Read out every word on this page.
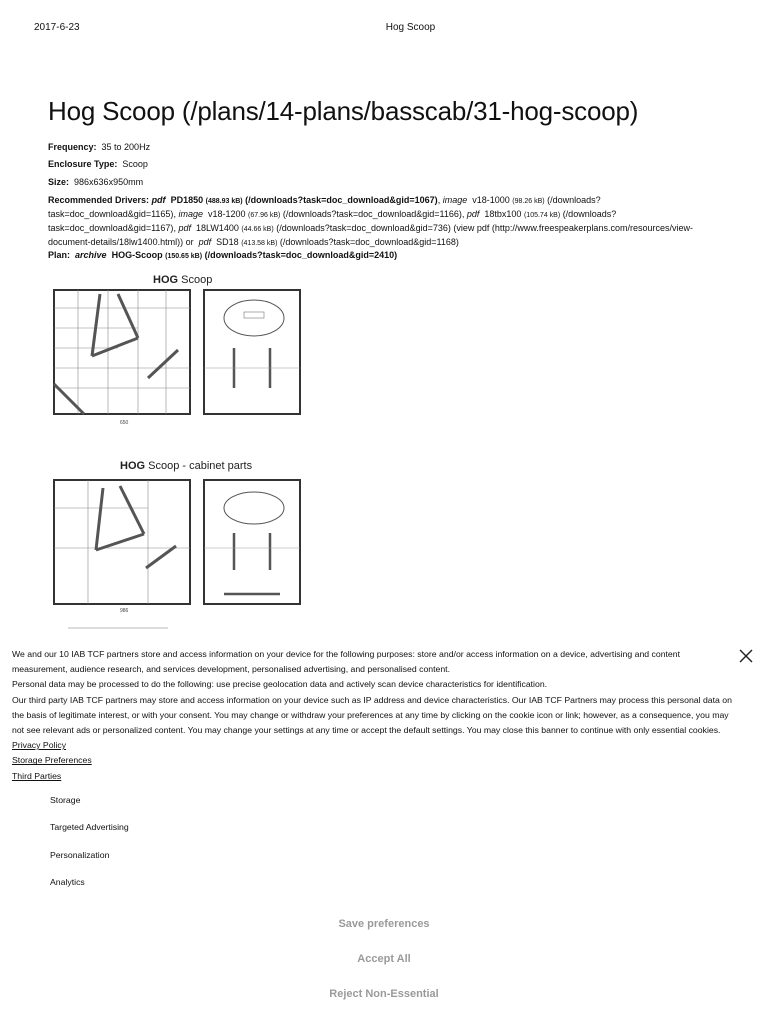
2017-6-23	Hog Scoop
Hog Scoop (/plans/14-plans/basscab/31-hog-scoop)
Frequency: 35 to 200Hz
Enclosure Type: Scoop
Size: 986x636x950mm
Recommended Drivers: pdf PD1850 (488.93 kB) (/downloads?task=doc_download&gid=1067), image v18-1000 (98.26 kB) (/downloads?task=doc_download&gid=1165), image v18-1200 (67.96 kB) (/downloads?task=doc_download&gid=1166), pdf 18tbx100 (105.74 kB) (/downloads?task=doc_download&gid=1167), pdf 18LW1400 (44.66 kB) (/downloads?task=doc_download&gid=736) (view pdf (http://www.freespeakerplans.com/resources/view-document-details/18lw1400.html)) or pdf SD18 (413.58 kB) (/downloads?task=doc_download&gid=1168)
Plan: archive HOG-Scoop (150.65 kB) (/downloads?task=doc_download&gid=2410)
HOG Scoop
650
HOG Scoop - cabinet parts
986
We and our 10 IAB TCF partners store and access information on your device for the following purposes: store and/or access information on a device, advertising and content measurement, audience research, and services development, personalised advertising, and personalised content.
Personal data may be processed to do the following: use precise geolocation data and actively scan device characteristics for identification.
Our third party IAB TCF partners may store and access information on your device such as IP address and device characteristics. Our IAB TCF Partners may process this personal data on the basis of legitimate interest, or with your consent. You may change or withdraw your preferences at any time by clicking on the cookie icon or link; however, as a consequence, you may not see relevant ads or personalized content. You may change your settings at any time or accept the default settings. You may close this banner to continue with only essential cookies. Privacy Policy
Storage Preferences
Third Parties
Storage
Targeted Advertising
Personalization
Analytics
Save preferences
Accept All
Reject Non-Essential
